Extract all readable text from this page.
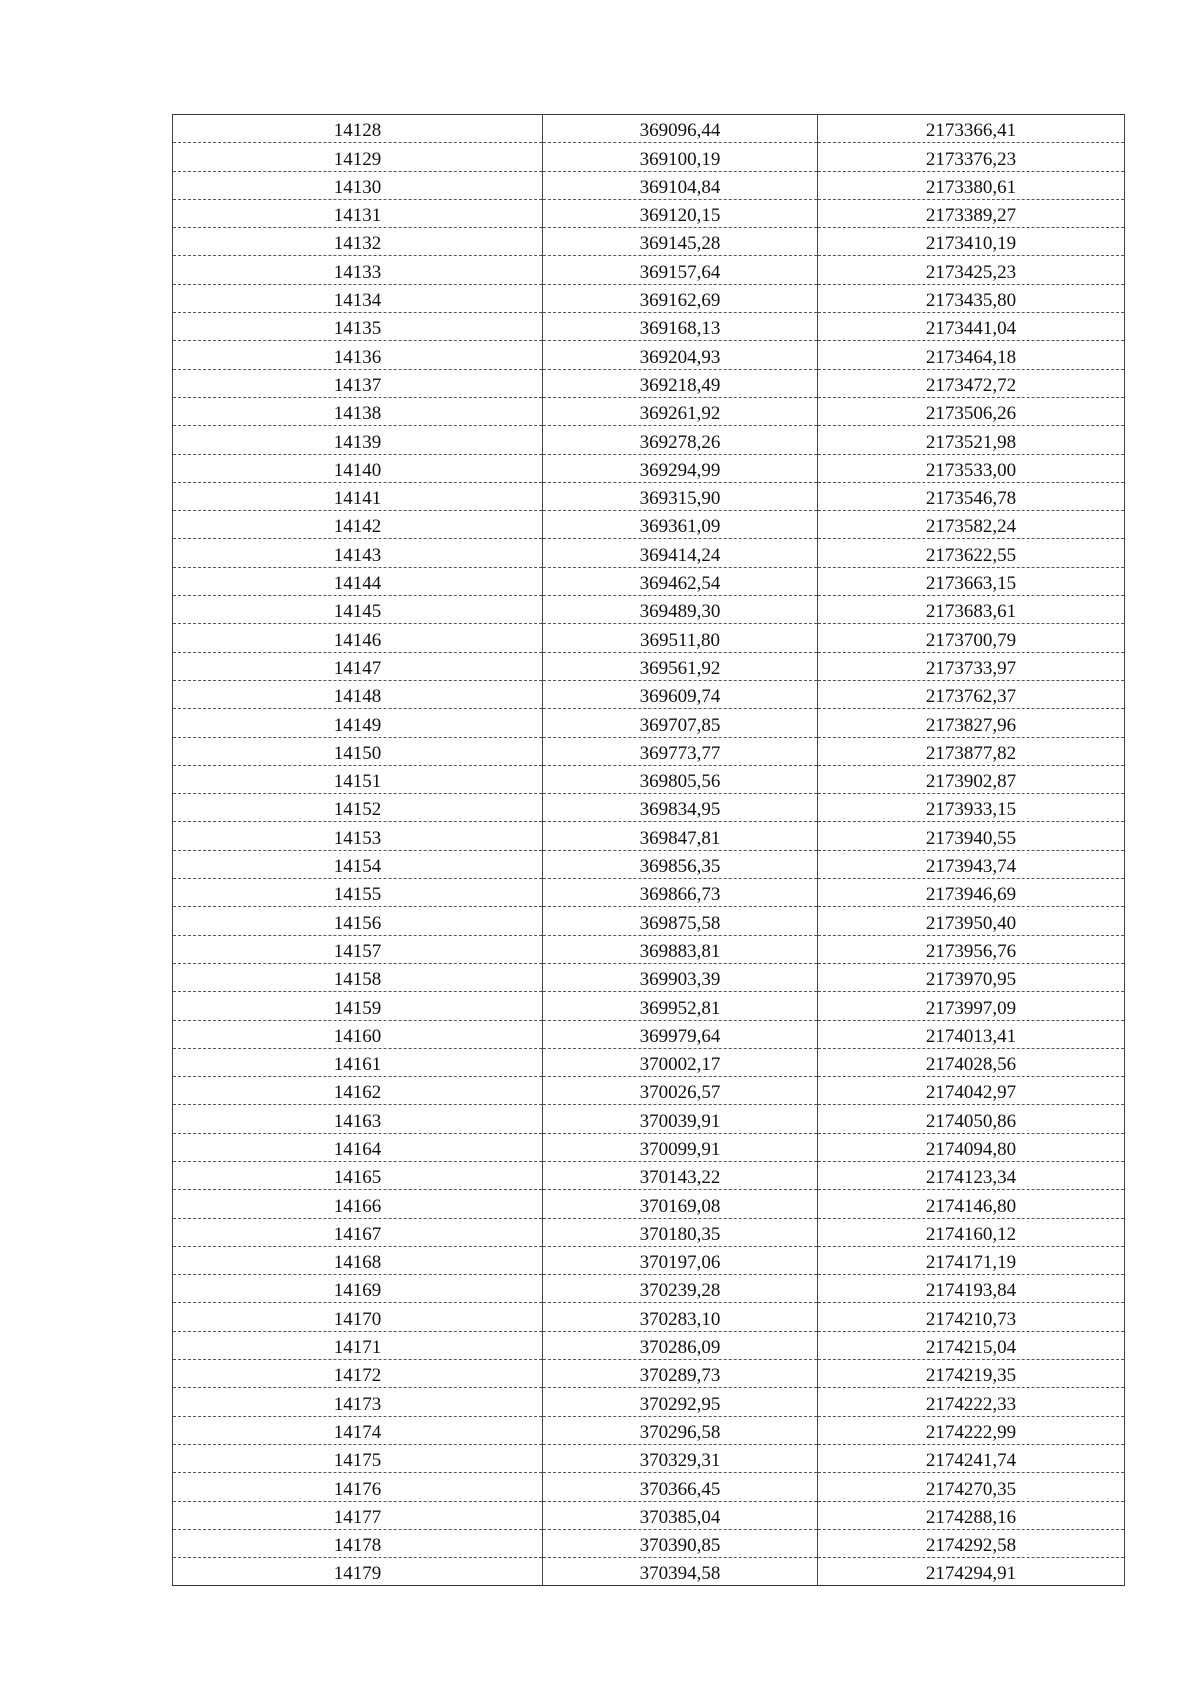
14128	369096,44	2173366,41
14129	369100,19	2173376,23
14130	369104,84	2173380,61
14131	369120,15	2173389,27
14132	369145,28	2173410,19
14133	369157,64	2173425,23
14134	369162,69	2173435,80
14135	369168,13	2173441,04
14136	369204,93	2173464,18
14137	369218,49	2173472,72
14138	369261,92	2173506,26
14139	369278,26	2173521,98
14140	369294,99	2173533,00
14141	369315,90	2173546,78
14142	369361,09	2173582,24
14143	369414,24	2173622,55
14144	369462,54	2173663,15
14145	369489,30	2173683,61
14146	369511,80	2173700,79
14147	369561,92	2173733,97
14148	369609,74	2173762,37
14149	369707,85	2173827,96
14150	369773,77	2173877,82
14151	369805,56	2173902,87
14152	369834,95	2173933,15
14153	369847,81	2173940,55
14154	369856,35	2173943,74
14155	369866,73	2173946,69
14156	369875,58	2173950,40
14157	369883,81	2173956,76
14158	369903,39	2173970,95
14159	369952,81	2173997,09
14160	369979,64	2174013,41
14161	370002,17	2174028,56
14162	370026,57	2174042,97
14163	370039,91	2174050,86
14164	370099,91	2174094,80
14165	370143,22	2174123,34
14166	370169,08	2174146,80
14167	370180,35	2174160,12
14168	370197,06	2174171,19
14169	370239,28	2174193,84
14170	370283,10	2174210,73
14171	370286,09	2174215,04
14172	370289,73	2174219,35
14173	370292,95	2174222,33
14174	370296,58	2174222,99
14175	370329,31	2174241,74
14176	370366,45	2174270,35
14177	370385,04	2174288,16
14178	370390,85	2174292,58
14179	370394,58	2174294,91
